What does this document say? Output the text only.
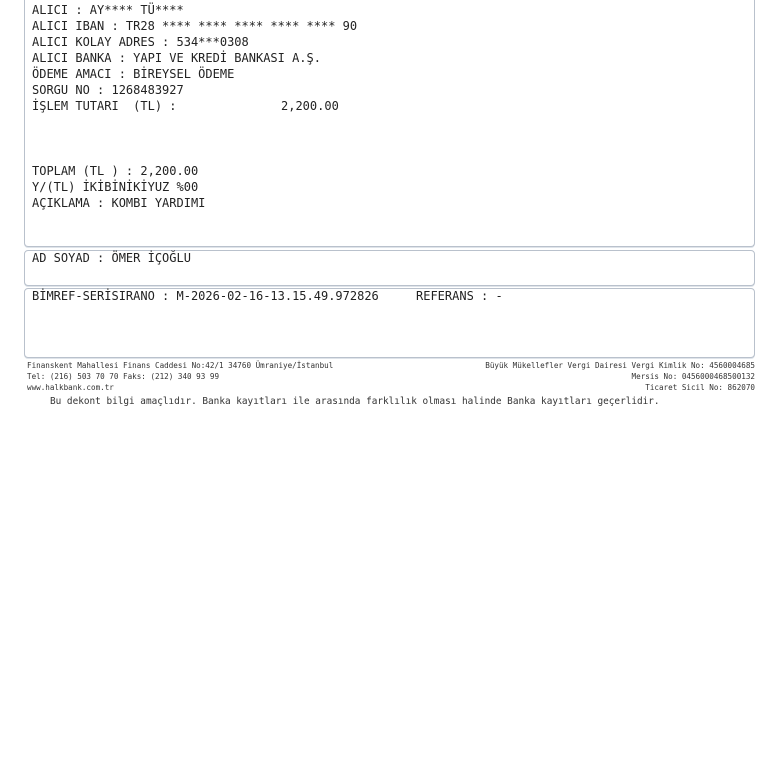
ALICI : AY**** TÜ****
ALICI IBAN : TR28 **** **** **** **** **** 90
ALICI KOLAY ADRES : 534***0308
ALICI BANKA : YAPI VE KREDİ BANKASI A.Ş.
ÖDEME AMACI : BİREYSEL ÖDEME
SORGU NO : 1268483927
İŞLEM TUTARI  (TL) :	2,200.00
TOPLAM (TL ) : 2,200.00
Y/(TL) İKİBİNİKİYUZ %00
AÇIKLAMA : KOMBI YARDIMI
AD SOYAD : ÖMER İÇOĞLU
BİMREF-SERİSIRANO : M-2026-02-16-13.15.49.972826	REFERANS : -
Finanskent Mahallesi Finans Caddesi No:42/1 34760 Ümraniye/İstanbul
Tel: (216) 503 70 70 Faks: (212) 340 93 99
www.halkbank.com.tr
Büyük Mükellefler Vergi Dairesi Vergi Kimlik No: 4560004685
Mersis No: 0456000468500132
Ticaret Sicil No: 862070
Bu dekont bilgi amaçlıdır. Banka kayıtları ile arasında farklılık olması halinde Banka kayıtları geçerlidir.
